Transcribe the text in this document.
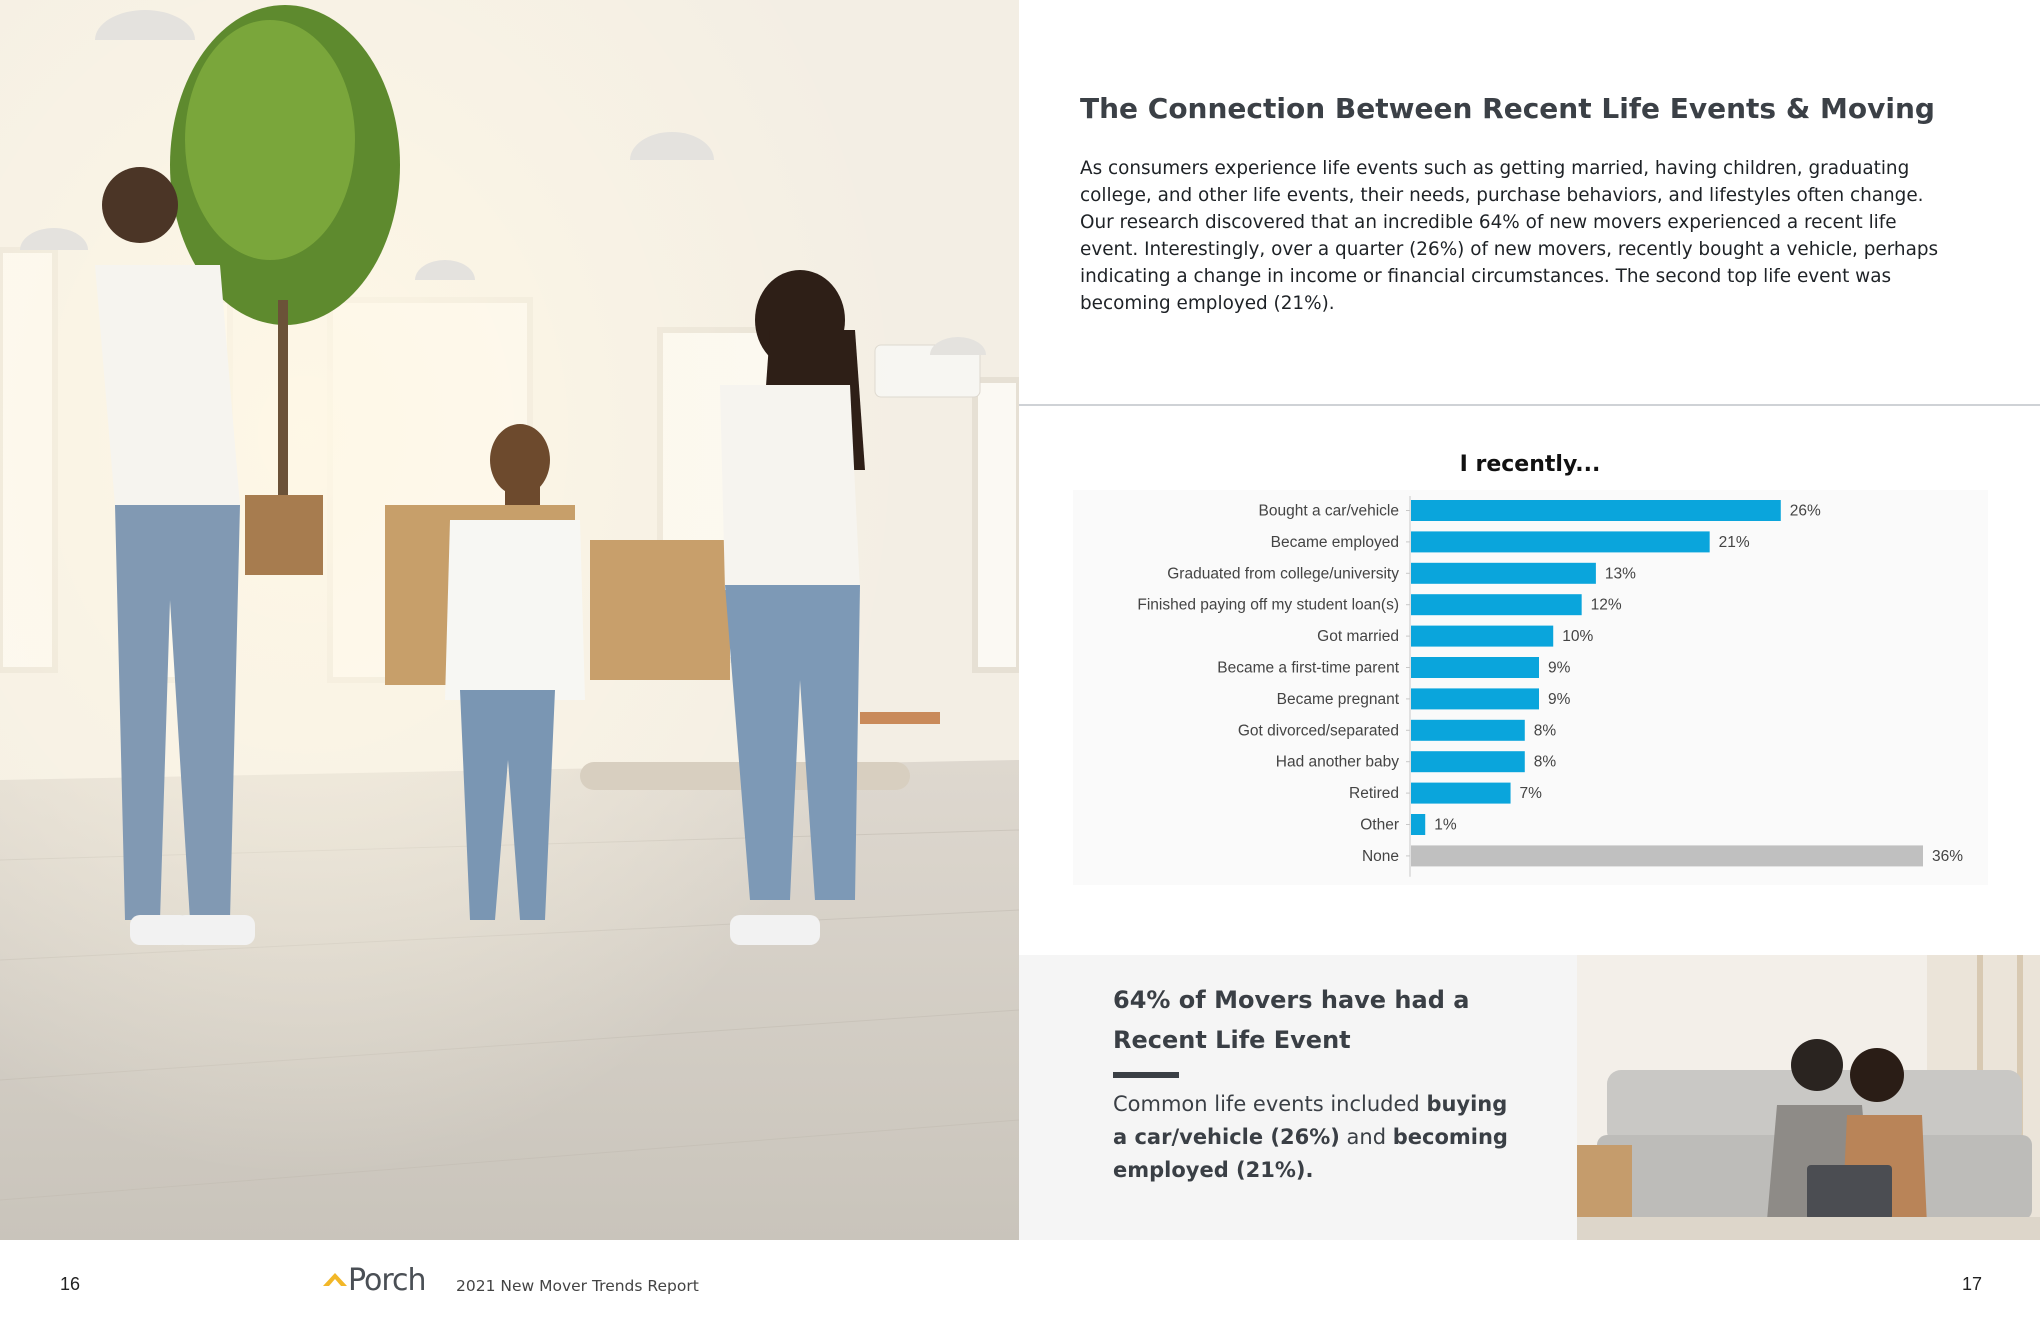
The Connection Between Recent Life Events & Moving

As consumers experience life events such as getting married, having children, graduating college, and other life events, their needs, purchase behaviors, and lifestyles often change. Our research discovered that an incredible 64% of new movers experienced a recent life event. Interestingly, over a quarter (26%) of new movers, recently bought a vehicle, perhaps indicating a change in income or financial circumstances. The second top life event was becoming employed (21%).

I recently...
Bought a car/vehicle	26%
Became employed	21%
Graduated from college/university	13%
Finished paying off my student loan(s)	12%
Got married	10%
Became a first-time parent	9%
Became pregnant	9%
Got divorced/separated	8%
Had another baby	8%
Retired	7%
Other 1%
None	36%
64% of Movers have had a Recent Life Event

Common life events included buying a car/vehicle (26%) and becoming employed (21%).

16	Porch 2021 New Mover Trends Report	17
